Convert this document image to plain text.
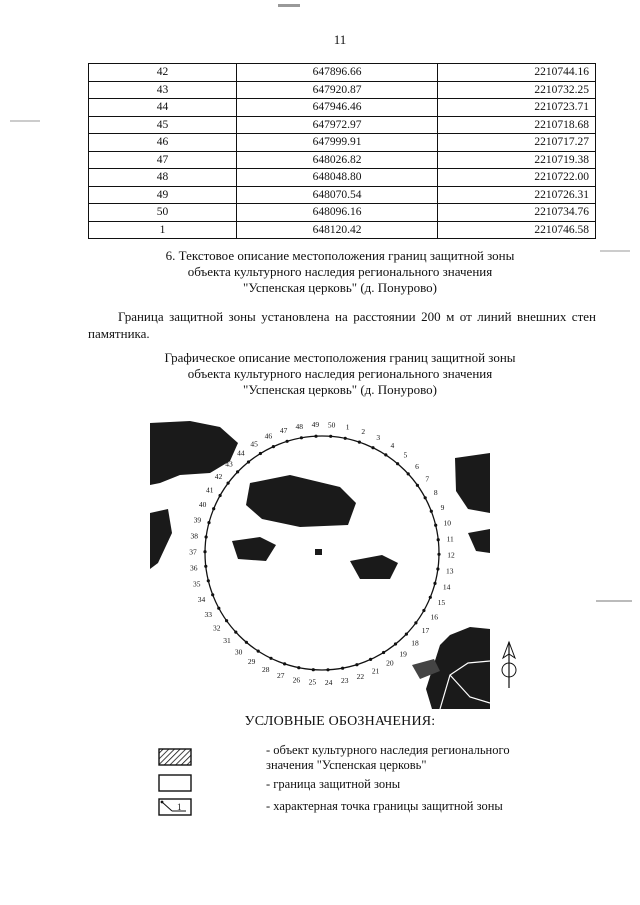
11
42	647896.66	2210744.16
43	647920.87	2210732.25
44	647946.46	2210723.71
45	647972.97	2210718.68
46	647999.91	2210717.27
47	648026.82	2210719.38
48	648048.80	2210722.00
49	648070.54	2210726.31
50	648096.16	2210734.76
1	648120.42	2210746.58
6. Текстовое описание местоположения границ защитной зоны
объекта культурного наследия регионального значения
"Успенская церковь" (д. Понурово)
Граница защитной зоны установлена на расстоянии 200 м от линий внешних стен памятника.
Графическое описание местоположения границ защитной зоны
объекта культурного наследия регионального значения
"Успенская церковь" (д. Понурово)
1 2
3
4
5
6
7
8
9
10
11
12
13
14
15
16
17
18
19
20
21
22
23
24
25
26
27
28
29
30
31
32
33
34
35
36
37
38
39
40
41
42
43
44
45
46
47 48 49 50
УСЛОВНЫЕ ОБОЗНАЧЕНИЯ:
- объект культурного наследия регионального
значения "Успенская церковь"
- граница защитной зоны
1	- характерная точка границы защитной зоны
